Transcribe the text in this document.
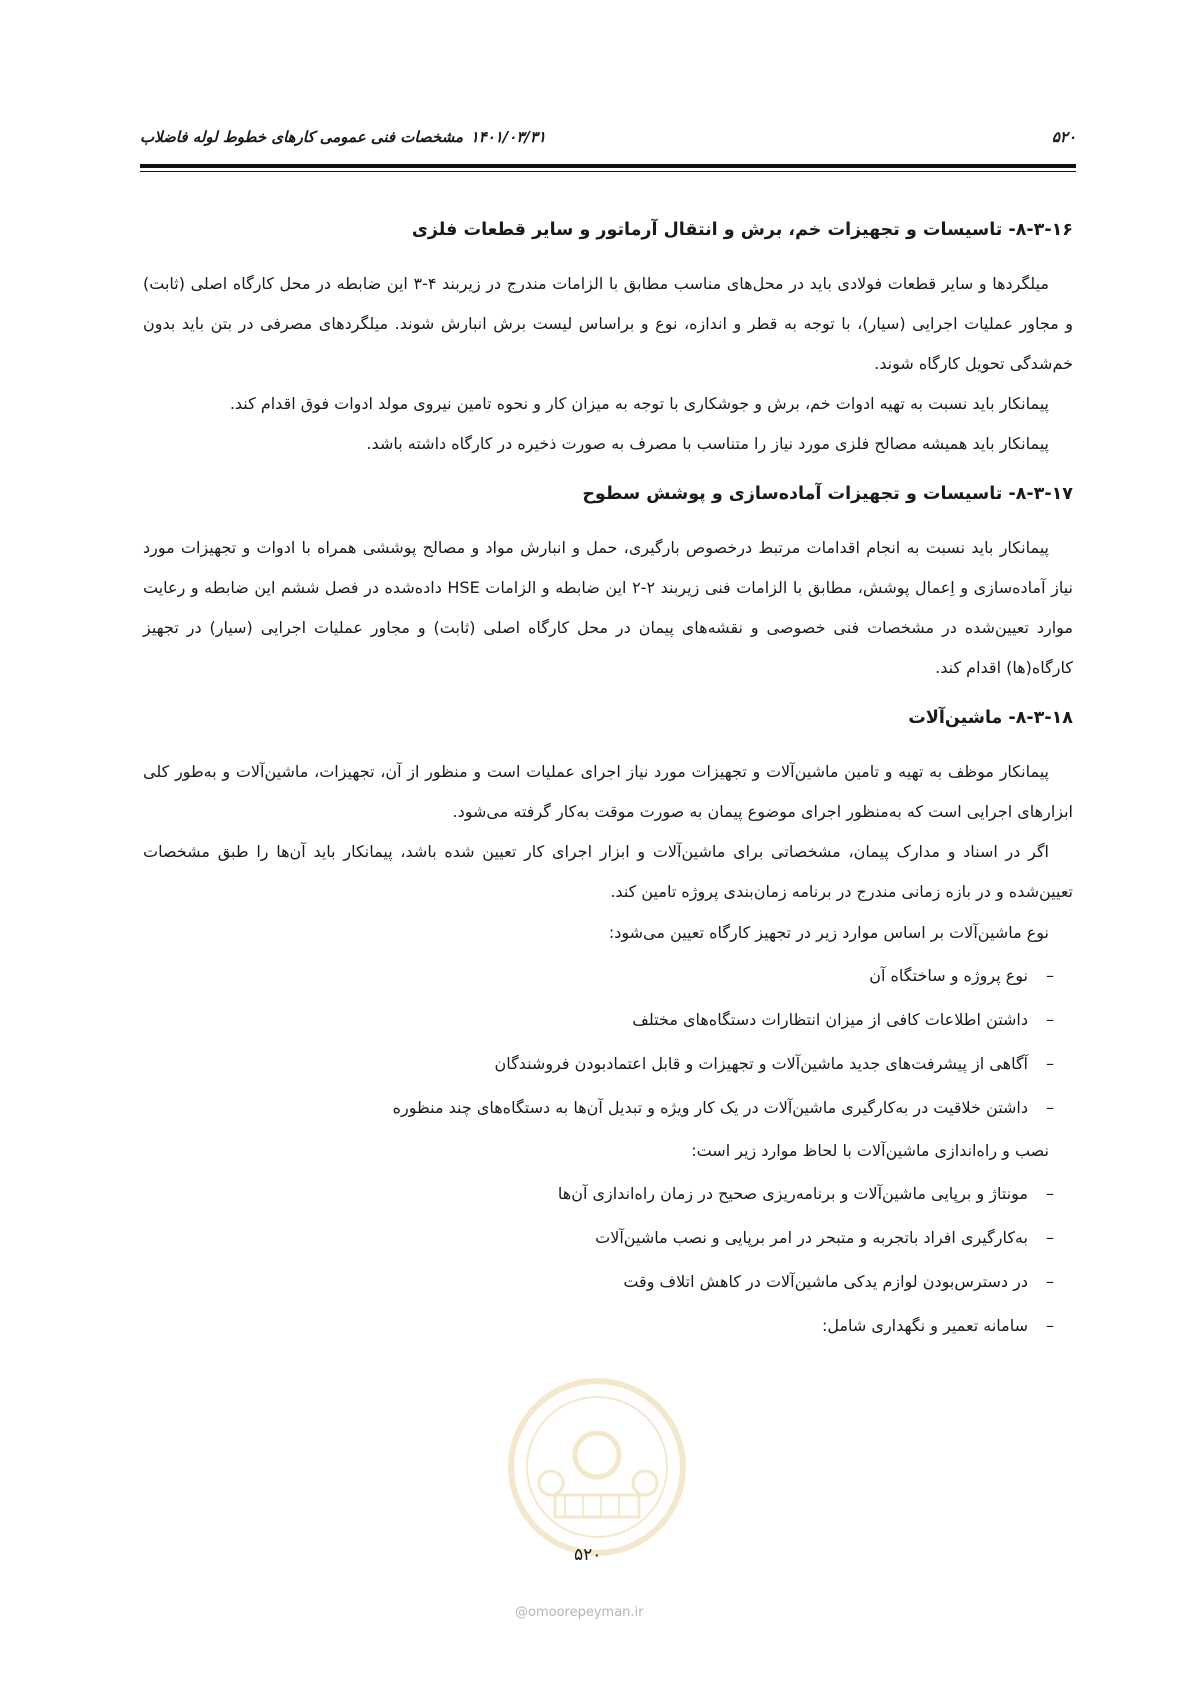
۵۲۰
۱۴۰۱/۰۳/۳۱
مشخصات فنی عمومی کارهای خطوط لوله فاضلاب
۸-۳-۱۶- تاسیسات و تجهیزات خم، برش و انتقال آرماتور و سایر قطعات فلزی

میلگردها و سایر قطعات فولادی باید در محل‌های مناسب مطابق با الزامات مندرج در زیربند ۴-۳ این ضابطه در محل کارگاه اصلی (ثابت) و مجاور عملیات اجرایی (سیار)، با توجه به قطر و اندازه، نوع و براساس لیست برش انبارش شوند. میلگردهای مصرفی در بتن باید بدون خم‌شدگی تحویل کارگاه شوند.

پیمانکار باید نسبت به تهیه ادوات خم، برش و جوشکاری با توجه به میزان کار و نحوه تامین نیروی مولد ادوات فوق اقدام کند.

پیمانکار باید همیشه مصالح فلزی مورد نیاز را متناسب با مصرف به صورت ذخیره در کارگاه داشته باشد.

۸-۳-۱۷- تاسیسات و تجهیزات آماده‌سازی و پوشش سطوح

پیمانکار باید نسبت به انجام اقدامات مرتبط درخصوص بارگیری، حمل و انبارش مواد و مصالح پوششی همراه با ادوات و تجهیزات مورد نیاز آماده‌سازی و اِعمال پوشش، مطابق با الزامات فنی زیربند ۲-۲ این ضابطه و الزامات HSE داده‌شده در فصل ششم این ضابطه و رعایت موارد تعیین‌شده در مشخصات فنی خصوصی و نقشه‌های پیمان در محل کارگاه اصلی (ثابت) و مجاور عملیات اجرایی (سیار) در تجهیز کارگاه(ها) اقدام کند.

۸-۳-۱۸- ماشین‌آلات

پیمانکار موظف به تهیه و تامین ماشین‌آلات و تجهیزات مورد نیاز اجرای عملیات است و منظور از آن، تجهیزات، ماشین‌آلات و به‌طور کلی ابزارهای اجرایی است که به‌منظور اجرای موضوع پیمان به صورت موقت به‌کار گرفته می‌شود.

اگر در اسناد و مدارک پیمان، مشخصاتی برای ماشین‌آلات و ابزار اجرای کار تعیین شده باشد، پیمانکار باید آن‌ها را طبق مشخصات تعیین‌شده و در بازه زمانی مندرج در برنامه زمان‌بندی پروژه تامین کند.

نوع ماشین‌آلات بر اساس موارد زیر در تجهیز کارگاه تعیین می‌شود:

–
نوع پروژه و ساختگاه آن
–
داشتن اطلاعات کافی از میزان انتظارات دستگاه‌های مختلف
–
آگاهی از پیشرفت‌های جدید ماشین‌آلات و تجهیزات و قابل اعتمادبودن فروشندگان
–
داشتن خلاقیت در به‌کارگیری ماشین‌آلات در یک کار ویژه و تبدیل آن‌ها به دستگاه‌های چند منظوره

نصب و راه‌اندازی ماشین‌آلات با لحاظ موارد زیر است:

–
مونتاژ و برپایی ماشین‌آلات و برنامه‌ریزی صحیح در زمان راه‌اندازی آن‌ها
–
به‌کارگیری افراد باتجربه و متبحر در امر برپایی و نصب ماشین‌آلات
–
در دسترس‌بودن لوازم یدکی ماشین‌آلات در کاهش اتلاف وقت
–
سامانه تعمیر و نگهداری شامل:
۵۲۰
@omoorepeyman.ir
